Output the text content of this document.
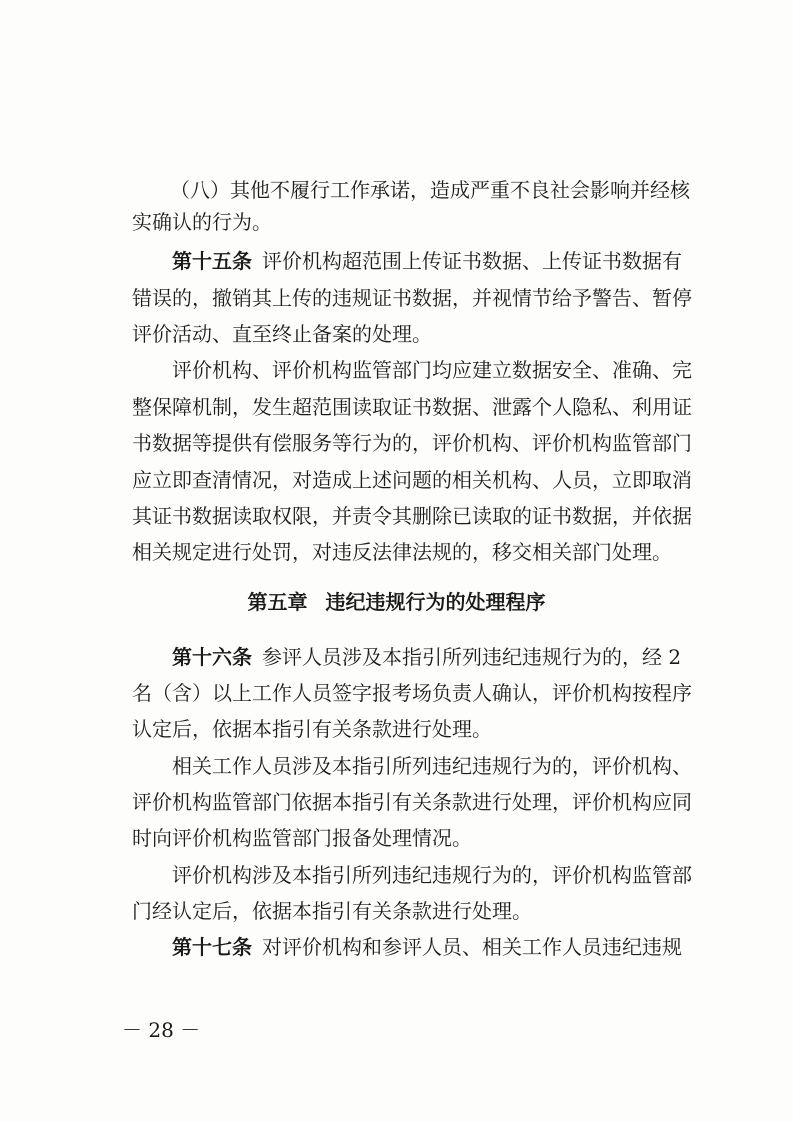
（八）其他不履行工作承诺，造成严重不良社会影响并经核
实确认的行为。
第十五条 评价机构超范围上传证书数据、上传证书数据有
错误的，撤销其上传的违规证书数据，并视情节给予警告、暂停
评价活动、直至终止备案的处理。
评价机构、评价机构监管部门均应建立数据安全、准确、完
整保障机制，发生超范围读取证书数据、泄露个人隐私、利用证
书数据等提供有偿服务等行为的，评价机构、评价机构监管部门
应立即查清情况，对造成上述问题的相关机构、人员，立即取消
其证书数据读取权限，并责令其删除已读取的证书数据，并依据
相关规定进行处罚，对违反法律法规的，移交相关部门处理。
第五章 违纪违规行为的处理程序
第十六条 参评人员涉及本指引所列违纪违规行为的，经 2
名（含）以上工作人员签字报考场负责人确认，评价机构按程序
认定后，依据本指引有关条款进行处理。
相关工作人员涉及本指引所列违纪违规行为的，评价机构、
评价机构监管部门依据本指引有关条款进行处理，评价机构应同
时向评价机构监管部门报备处理情况。
评价机构涉及本指引所列违纪违规行为的，评价机构监管部
门经认定后，依据本指引有关条款进行处理。
第十七条 对评价机构和参评人员、相关工作人员违纪违规
－ 28 －
